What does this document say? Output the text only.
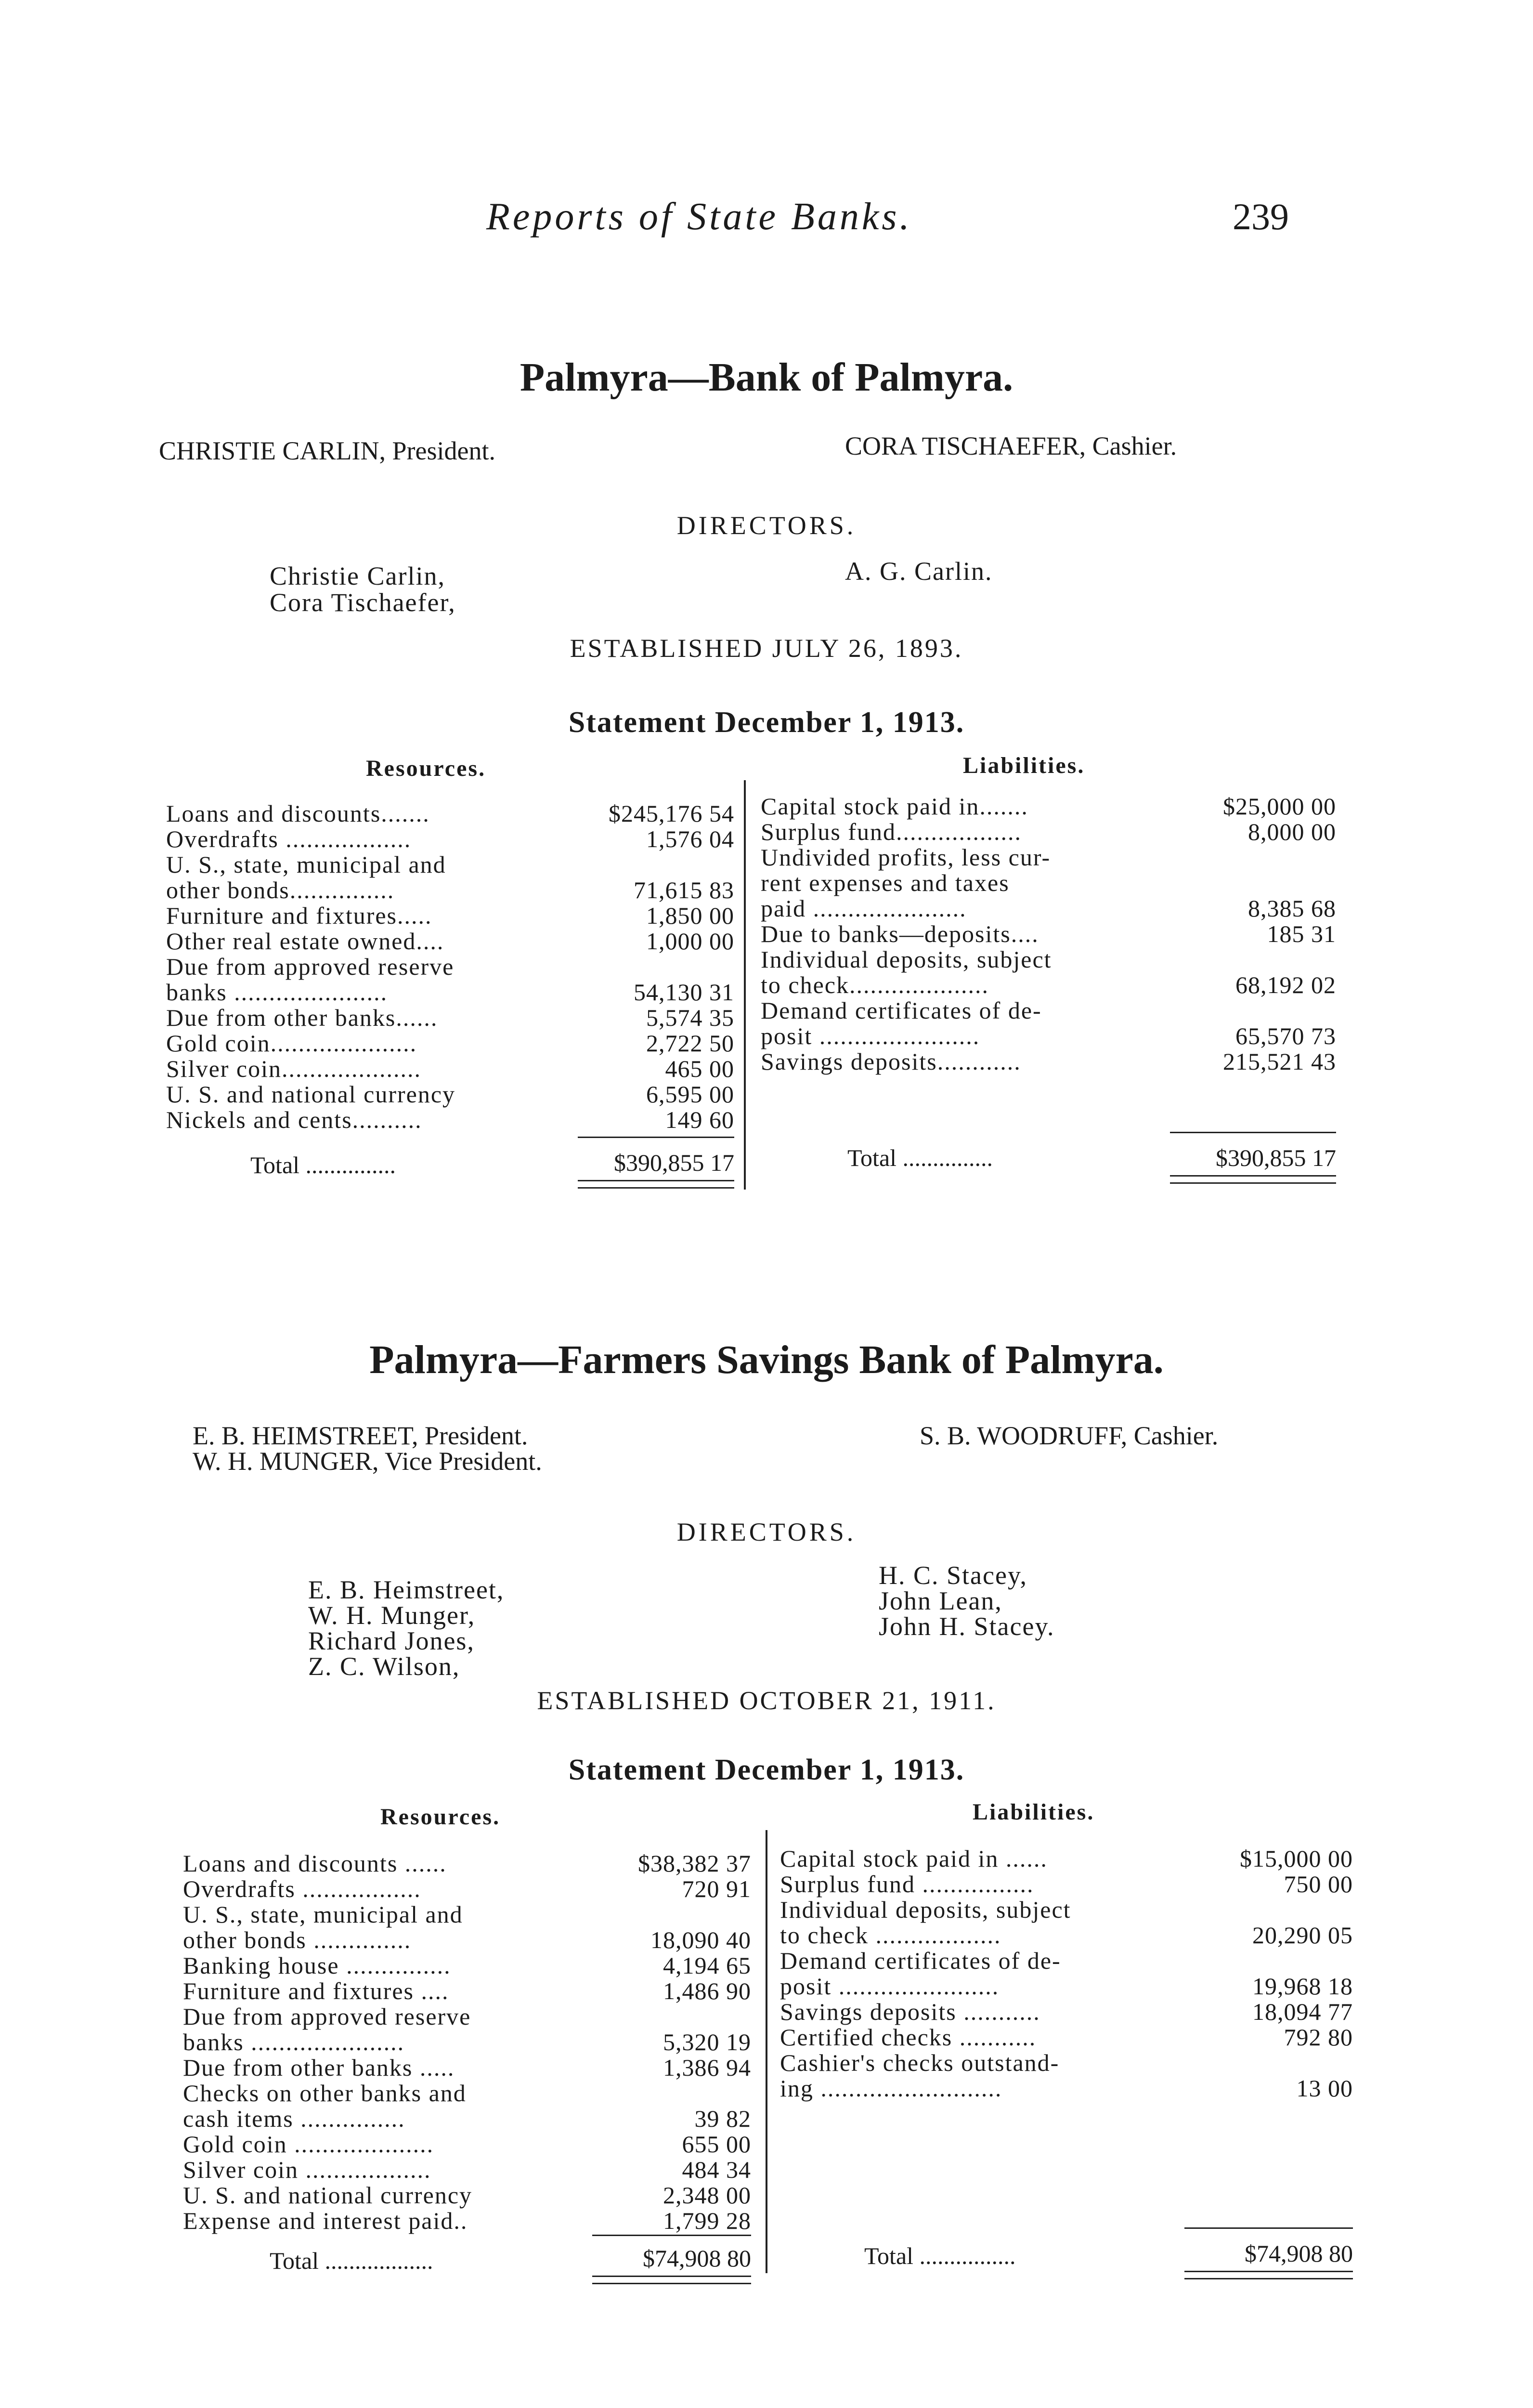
Reports of State Banks.	239
Palmyra—Bank of Palmyra.
CHRISTIE CARLIN, President.	CORA TISCHAEFER, Cashier.
DIRECTORS.
Christie Carlin,
Cora Tischaefer,
A. G. Carlin.
ESTABLISHED JULY 26, 1893.
Statement December 1, 1913.
Resources.	Liabilities.
Loans and discounts.......	$245,176 54
Overdrafts ..................	1,576 04
U. S., state, municipal and
other bonds...............	71,615 83
Furniture and fixtures.....	1,850 00
Other real estate owned....	1,000 00
Due from approved reserve
banks ......................	54,130 31
Due from other banks......	5,574 35
Gold coin.....................	2,722 50
Silver coin....................	465 00
U. S. and national currency	6,595 00
Nickels and cents..........	149 60
Capital stock paid in.......	$25,000 00
Surplus fund..................	8,000 00
Undivided profits, less cur-
rent expenses and taxes
paid ......................	8,385 68
Due to banks—deposits....	185 31
Individual deposits, subject
to check....................	68,192 02
Demand certificates of de-
posit .......................	65,570 73
Savings deposits............	215,521 43
Total ...............	$390,855 17	Total ...............	$390,855 17
Palmyra—Farmers Savings Bank of Palmyra.
E. B. HEIMSTREET, President.
W. H. MUNGER, Vice President.
S. B. WOODRUFF, Cashier.
DIRECTORS.
E. B. Heimstreet,
W. H. Munger,
Richard Jones,
Z. C. Wilson,
H. C. Stacey,
John Lean,
John H. Stacey.
ESTABLISHED OCTOBER 21, 1911.
Statement December 1, 1913.
Resources.	Liabilities.
Loans and discounts ......	$38,382 37
Overdrafts .................	720 91
U. S., state, municipal and
other bonds ..............	18,090 40
Banking house ...............	4,194 65
Furniture and fixtures ....	1,486 90
Due from approved reserve
banks ......................	5,320 19
Due from other banks .....	1,386 94
Checks on other banks and
cash items ...............	39 82
Gold coin ....................	655 00
Silver coin ..................	484 34
U. S. and national currency	2,348 00
Expense and interest paid..	1,799 28
Capital stock paid in ......	$15,000 00
Surplus fund ................	750 00
Individual deposits, subject
to check ..................	20,290 05
Demand certificates of de-
posit .......................	19,968 18
Savings deposits ...........	18,094 77
Certified checks ...........	792 80
Cashier's checks outstand-
ing ..........................	13 00
Total ..................	$74,908 80	Total ................	$74,908 80
